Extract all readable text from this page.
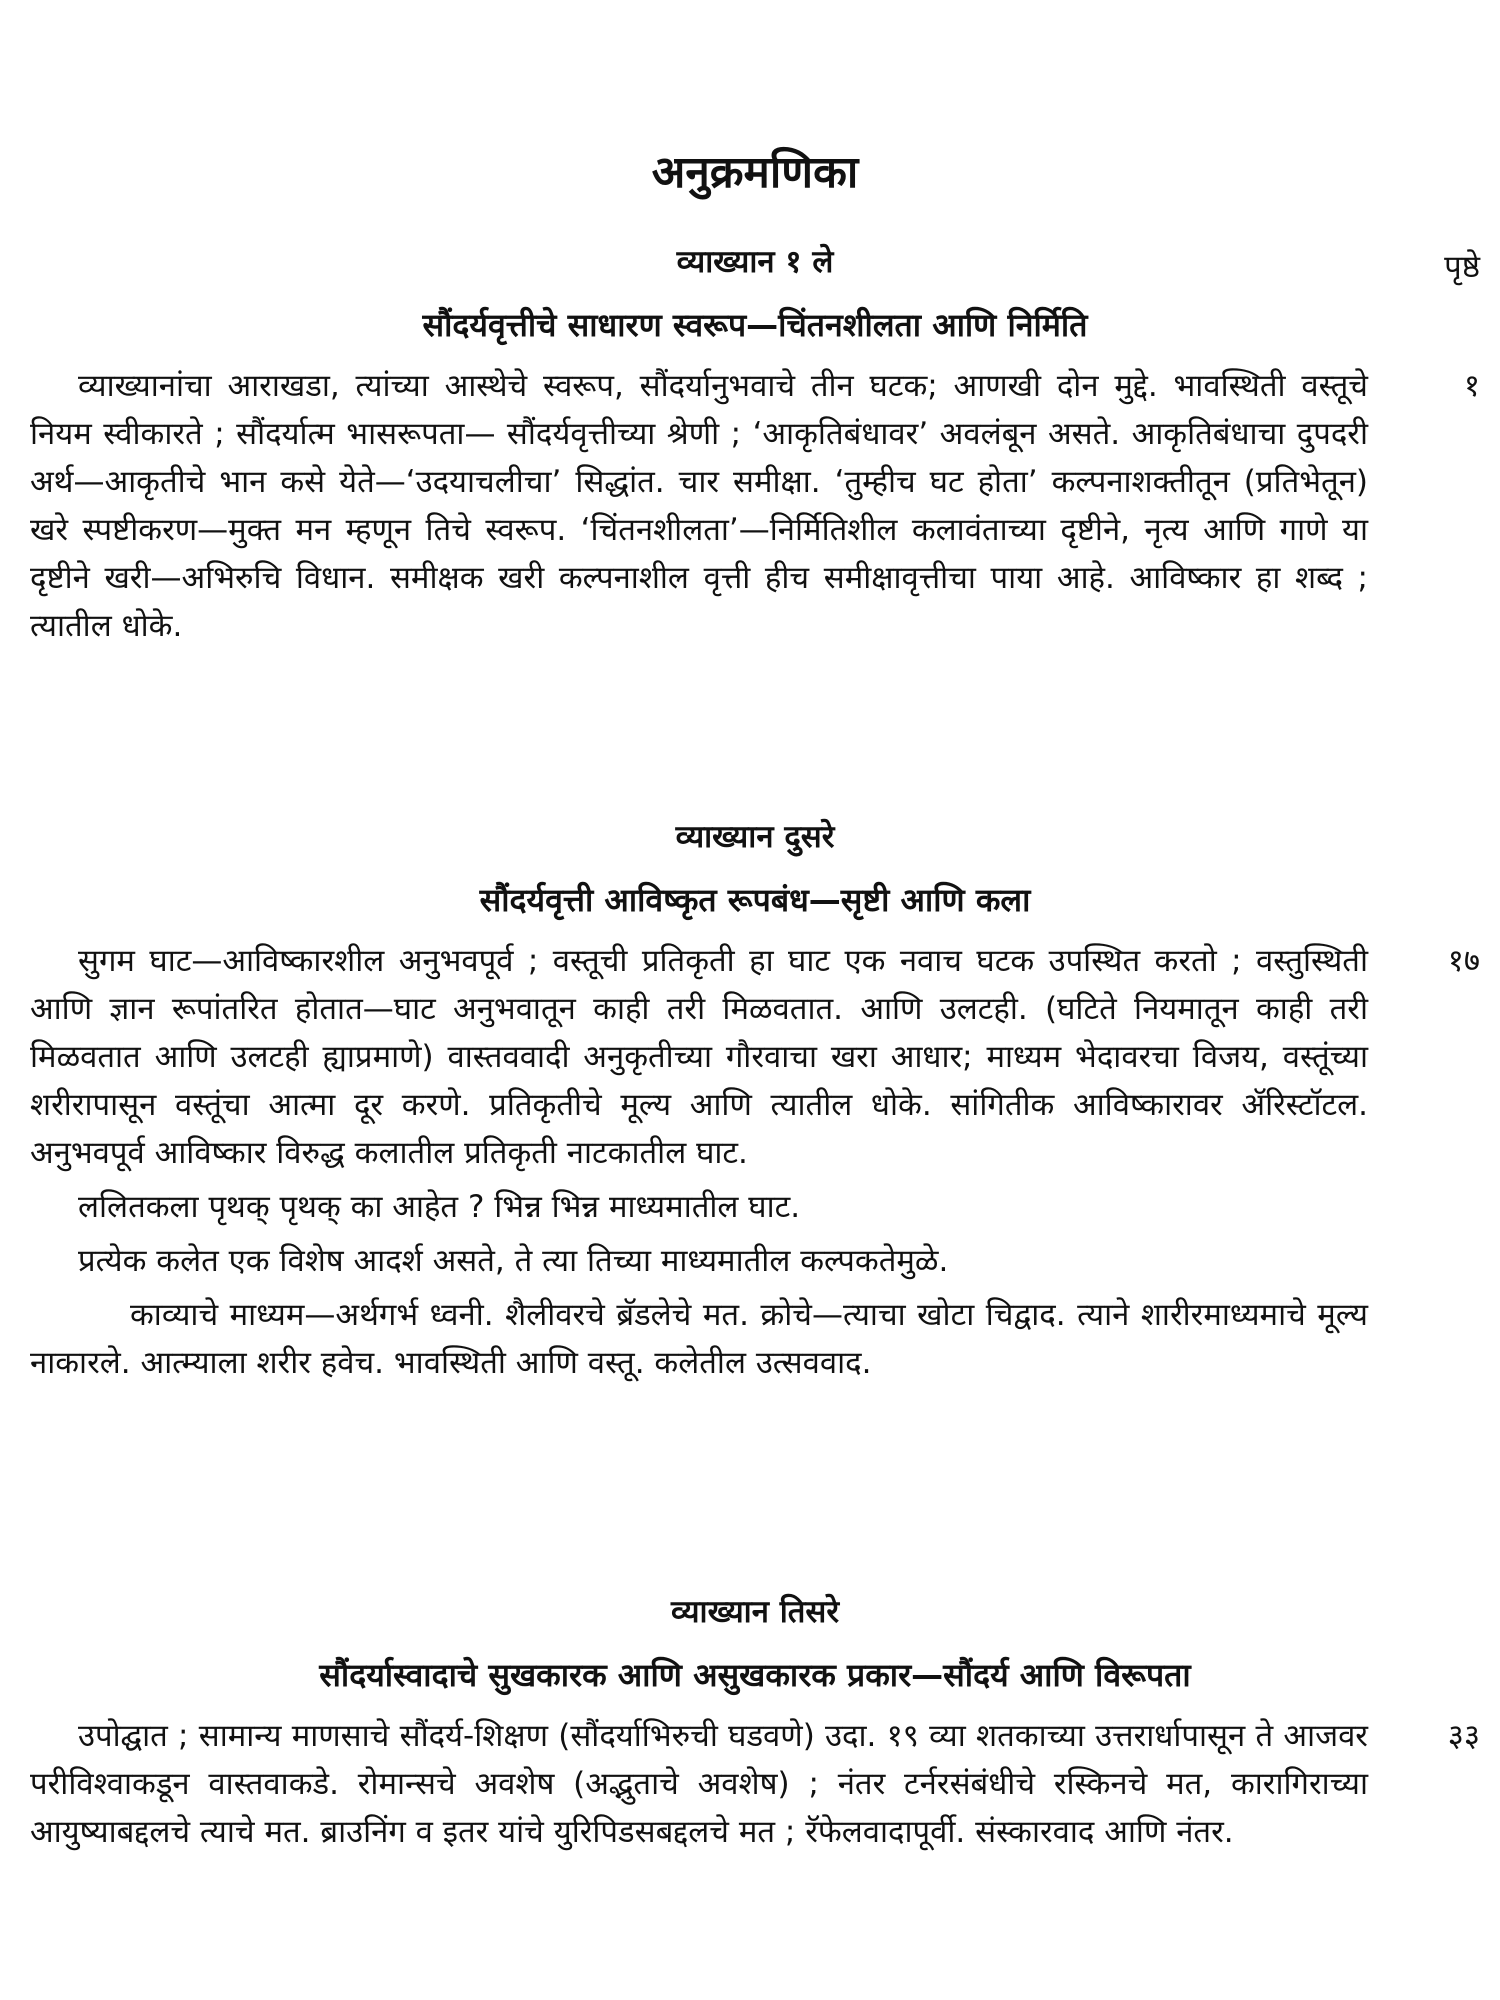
अनुक्रमणिका
पृष्ठे
व्याख्यान १ ले
सौंदर्यवृत्तीचे साधारण स्वरूप—चिंतनशीलता आणि निर्मिति

व्याख्यानांचा आराखडा, त्यांच्या आस्थेचे स्वरूप, सौंदर्यानुभवाचे तीन घटक; आणखी दोन मुद्दे. भावस्थिती वस्तूचे नियम स्वीकारते ; सौंदर्यात्म भासरूपता— सौंदर्यवृत्तीच्या श्रेणी ; ‘आकृतिबंधावर’ अवलंबून असते. आकृतिबंधाचा दुपदरी अर्थ—आकृतीचे भान कसे येते—‘उदयाचलीचा’ सिद्धांत. चार समीक्षा. ‘तुम्हीच घट होता’ कल्पनाशक्तीतून (प्रतिभेतून) खरे स्पष्टीकरण—मुक्त मन म्हणून तिचे स्वरूप. ‘चिंतनशीलता’—निर्मितिशील कलावंताच्या दृष्टीने, नृत्य आणि गाणे या दृष्टीने खरी—अभिरुचि विधान. समीक्षक खरी कल्पनाशील वृत्ती हीच समीक्षावृत्तीचा पाया आहे. आविष्कार हा शब्द ; त्यातील धोके.

१
व्याख्यान दुसरे
सौंदर्यवृत्ती आविष्कृत रूपबंध—सृष्टी आणि कला

सुगम घाट—आविष्कारशील अनुभवपूर्व ; वस्तूची प्रतिकृती हा घाट एक नवाच घटक उपस्थित करतो ; वस्तुस्थिती आणि ज्ञान रूपांतरित होतात—घाट अनुभवातून काही तरी मिळवतात. आणि उलटही. (घटिते नियमातून काही तरी मिळवतात आणि उलटही ह्याप्रमाणे) वास्तववादी अनुकृतीच्या गौरवाचा खरा आधार; माध्यम भेदावरचा विजय, वस्तूंच्या शरीरापासून वस्तूंचा आत्मा दूर करणे. प्रतिकृतीचे मूल्य आणि त्यातील धोके. सांगितीक आविष्कारावर ॲरिस्टॉटल. अनुभवपूर्व आविष्कार विरुद्ध कलातील प्रतिकृती नाटकातील घाट.

ललितकला पृथक् पृथक् का आहेत ? भिन्न भिन्न माध्यमातील घाट.

प्रत्येक कलेत एक विशेष आदर्श असते, ते त्या तिच्या माध्यमातील कल्पकतेमुळे.

काव्याचे माध्यम—अर्थगर्भ ध्वनी. शैलीवरचे ब्रॅडलेचे मत. क्रोचे—त्याचा खोटा चिद्वाद. त्याने शारीरमाध्यमाचे मूल्य नाकारले. आत्म्याला शरीर हवेच. भावस्थिती आणि वस्तू. कलेतील उत्सववाद.

१७
व्याख्यान तिसरे
सौंदर्यास्वादाचे सुखकारक आणि असुखकारक प्रकार—सौंदर्य आणि विरूपता

उपोद्घात ; सामान्य माणसाचे सौंदर्य-शिक्षण (सौंदर्याभिरुची घडवणे) उदा. १९ व्या शतकाच्या उत्तरार्धापासून ते आजवर परीविश्वाकडून वास्तवाकडे. रोमान्सचे अवशेष (अद्भुताचे अवशेष) ; नंतर टर्नरसंबंधीचे रस्किनचे मत, कारागिराच्या आयुष्याबद्दलचे त्याचे मत. ब्राउनिंग व इतर यांचे युरिपिडसबद्दलचे मत ; रॅफेलवादापूर्वी. संस्कारवाद आणि नंतर.

३३
